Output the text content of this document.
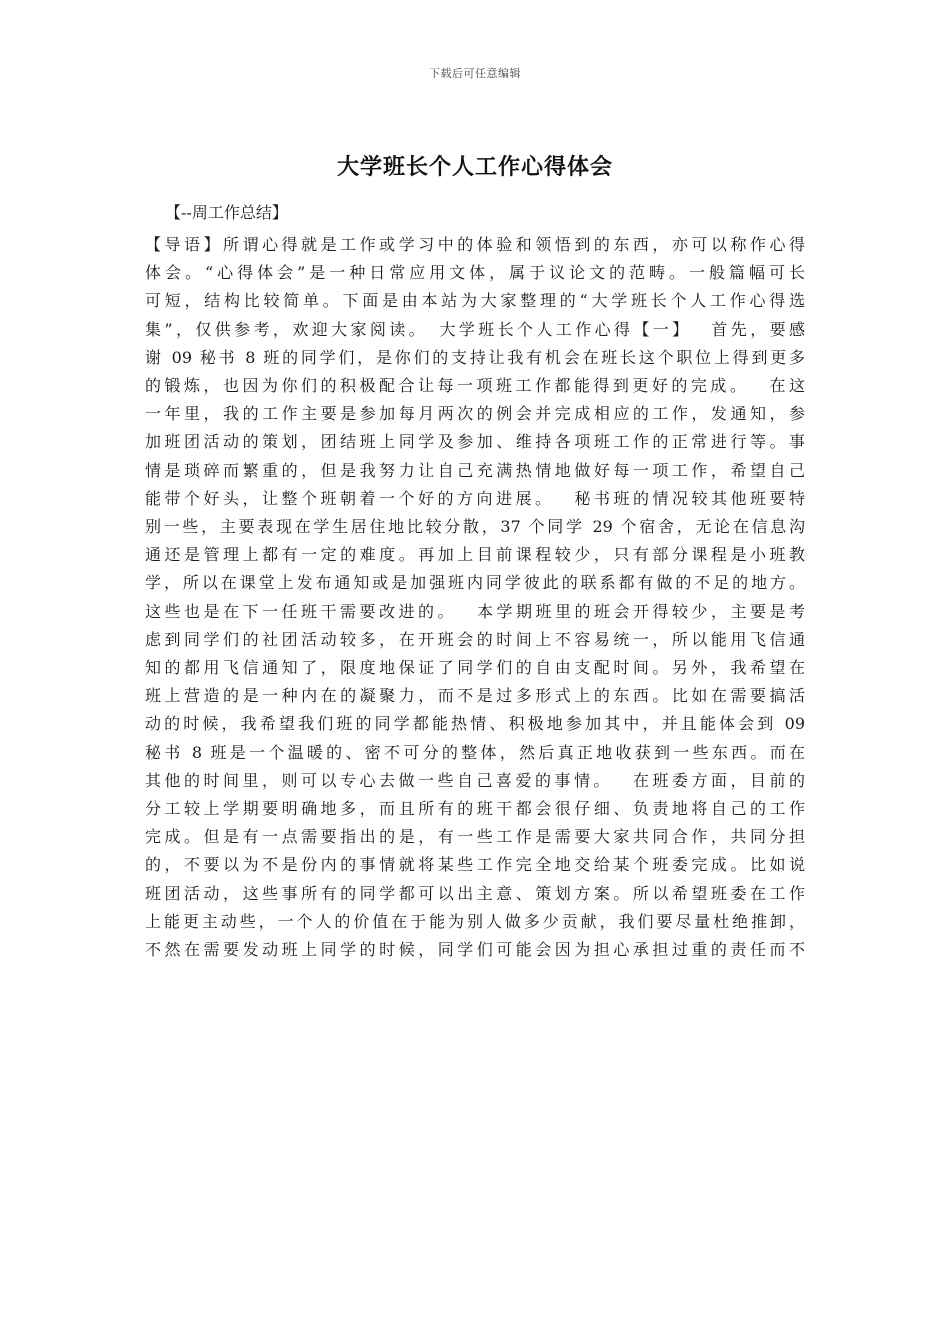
下载后可任意编辑
大学班长个人工作心得体会
【--周工作总结】
【导语】所谓心得就是工作或学习中的体验和领悟到的东西，亦可以称作心得
体会。“心得体会”是一种日常应用文体，属于议论文的范畴。一般篇幅可长
可短，结构比较简单。下面是由本站为大家整理的“大学班长个人工作心得选
集”，仅供参考，欢迎大家阅读。　大学班长个人工作心得【一】　 首先，要感
谢 09 秘书 8 班的同学们，是你们的支持让我有机会在班长这个职位上得到更多
的锻炼，也因为你们的积极配合让每一项班工作都能得到更好的完成。　 在这
一年里，我的工作主要是参加每月两次的例会并完成相应的工作，发通知，参
加班团活动的策划，团结班上同学及参加、维持各项班工作的正常进行等。事
情是琐碎而繁重的，但是我努力让自己充满热情地做好每一项工作，希望自己
能带个好头，让整个班朝着一个好的方向进展。　 秘书班的情况较其他班要特
别一些，主要表现在学生居住地比较分散，37 个同学 29 个宿舍，无论在信息沟
通还是管理上都有一定的难度。再加上目前课程较少，只有部分课程是小班教
学，所以在课堂上发布通知或是加强班内同学彼此的联系都有做的不足的地方。
这些也是在下一任班干需要改进的。　 本学期班里的班会开得较少，主要是考
虑到同学们的社团活动较多，在开班会的时间上不容易统一，所以能用飞信通
知的都用飞信通知了，限度地保证了同学们的自由支配时间。另外，我希望在
班上营造的是一种内在的凝聚力，而不是过多形式上的东西。比如在需要搞活
动的时候，我希望我们班的同学都能热情、积极地参加其中，并且能体会到 09
秘书 8 班是一个温暖的、密不可分的整体，然后真正地收获到一些东西。而在
其他的时间里，则可以专心去做一些自己喜爱的事情。　 在班委方面，目前的
分工较上学期要明确地多，而且所有的班干都会很仔细、负责地将自己的工作
完成。但是有一点需要指出的是，有一些工作是需要大家共同合作，共同分担
的，不要以为不是份内的事情就将某些工作完全地交给某个班委完成。比如说
班团活动，这些事所有的同学都可以出主意、策划方案。所以希望班委在工作
上能更主动些，一个人的价值在于能为别人做多少贡献，我们要尽量杜绝推卸，
不然在需要发动班上同学的时候，同学们可能会因为担心承担过重的责任而不
